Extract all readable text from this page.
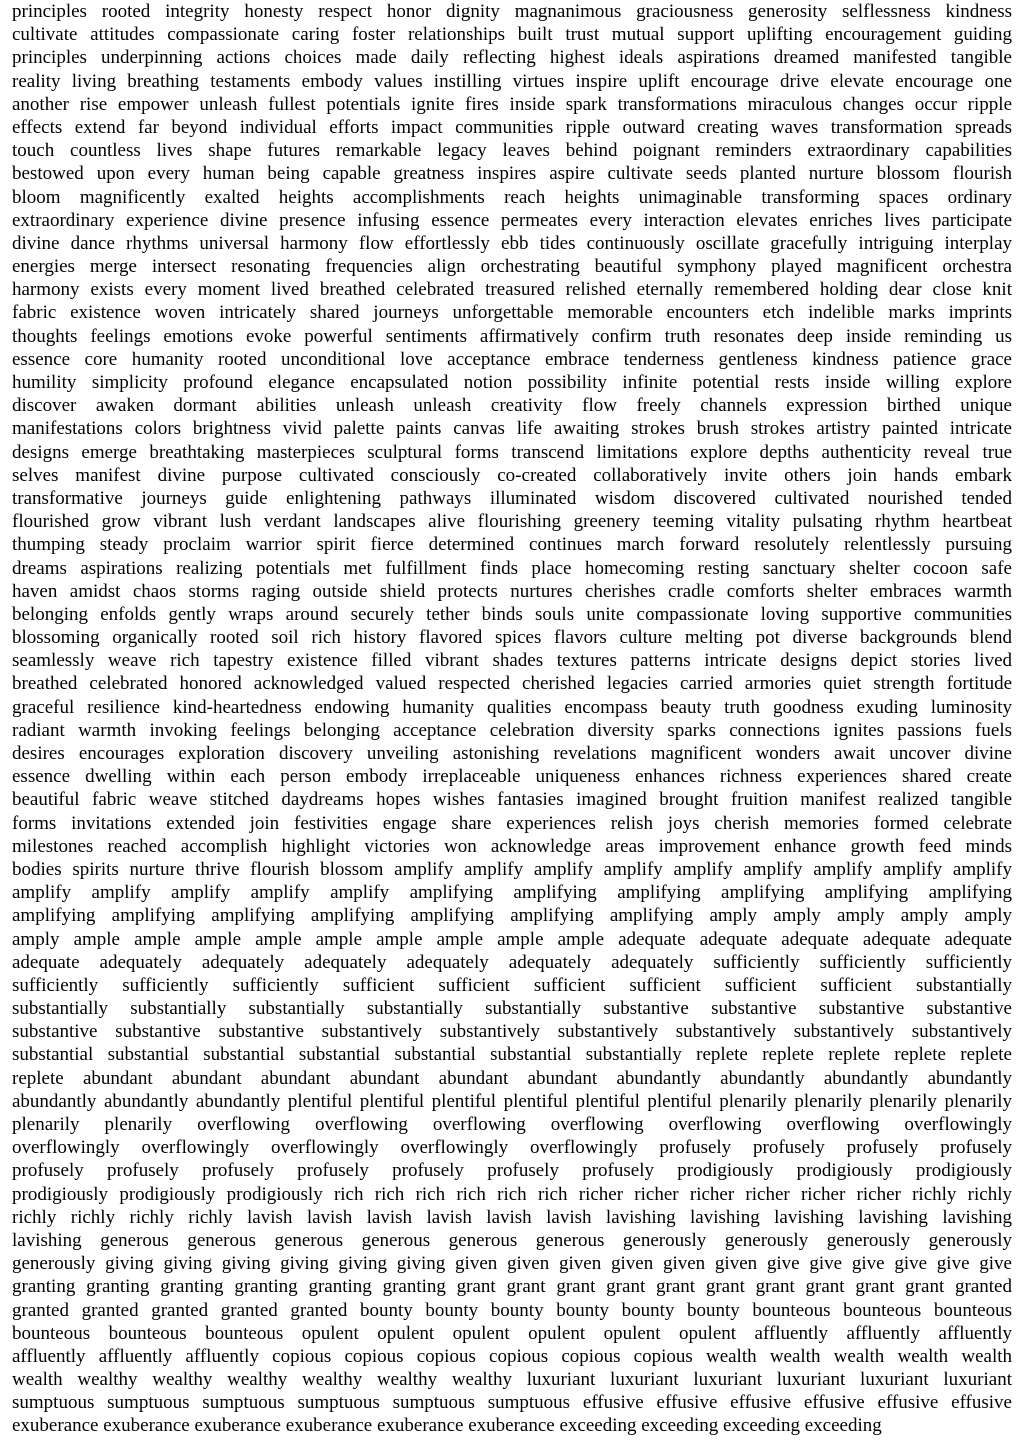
principles rooted integrity honesty respect honor dignity magnanimous graciousness generosity selflessness kindness
cultivate attitudes compassionate caring foster relationships built trust mutual support uplifting encouragement guiding
principles underpinning actions choices made daily reflecting highest ideals aspirations dreamed manifested tangible
reality living breathing testaments embody values instilling virtues inspire uplift encourage drive elevate encourage one
another rise empower unleash fullest potentials ignite fires inside spark transformations miraculous changes occur ripple
effects extend far beyond individual efforts impact communities ripple outward creating waves transformation spreads
touch countless lives shape futures remarkable legacy leaves behind poignant reminders extraordinary capabilities
bestowed upon every human being capable greatness inspires aspire cultivate seeds planted nurture blossom flourish
bloom magnificently exalted heights accomplishments reach heights unimaginable transforming spaces ordinary
extraordinary experience divine presence infusing essence permeates every interaction elevates enriches lives participate
divine dance rhythms universal harmony flow effortlessly ebb tides continuously oscillate gracefully intriguing interplay
energies merge intersect resonating frequencies align orchestrating beautiful symphony played magnificent orchestra
harmony exists every moment lived breathed celebrated treasured relished eternally remembered holding dear close knit
fabric existence woven intricately shared journeys unforgettable memorable encounters etch indelible marks imprints
thoughts feelings emotions evoke powerful sentiments affirmatively confirm truth resonates deep inside reminding us
essence core humanity rooted unconditional love acceptance embrace tenderness gentleness kindness patience grace
humility simplicity profound elegance encapsulated notion possibility infinite potential rests inside willing explore
discover awaken dormant abilities unleash unleash creativity flow freely channels expression birthed unique
manifestations colors brightness vivid palette paints canvas life awaiting strokes brush strokes artistry painted intricate
designs emerge breathtaking masterpieces sculptural forms transcend limitations explore depths authenticity reveal true
selves manifest divine purpose cultivated consciously co-created collaboratively invite others join hands embark
transformative journeys guide enlightening pathways illuminated wisdom discovered cultivated nourished tended
flourished grow vibrant lush verdant landscapes alive flourishing greenery teeming vitality pulsating rhythm heartbeat
thumping steady proclaim warrior spirit fierce determined continues march forward resolutely relentlessly pursuing
dreams aspirations realizing potentials met fulfillment finds place homecoming resting sanctuary shelter cocoon safe
haven amidst chaos storms raging outside shield protects nurtures cherishes cradle comforts shelter embraces warmth
belonging enfolds gently wraps around securely tether binds souls unite compassionate loving supportive communities
blossoming organically rooted soil rich history flavored spices flavors culture melting pot diverse backgrounds blend
seamlessly weave rich tapestry existence filled vibrant shades textures patterns intricate designs depict stories lived
breathed celebrated honored acknowledged valued respected cherished legacies carried armories quiet strength fortitude
graceful resilience kind-heartedness endowing humanity qualities encompass beauty truth goodness exuding luminosity
radiant warmth invoking feelings belonging acceptance celebration diversity sparks connections ignites passions fuels
desires encourages exploration discovery unveiling astonishing revelations magnificent wonders await uncover divine
essence dwelling within each person embody irreplaceable uniqueness enhances richness experiences shared create
beautiful fabric weave stitched daydreams hopes wishes fantasies imagined brought fruition manifest realized tangible
forms invitations extended join festivities engage share experiences relish joys cherish memories formed celebrate
milestones reached accomplish highlight victories won acknowledge areas improvement enhance growth feed minds
bodies spirits nurture thrive flourish blossom amplify amplify amplify amplify amplify amplify amplify amplify amplify
amplify amplify amplify amplify amplify amplifying amplifying amplifying amplifying amplifying amplifying
amplifying amplifying amplifying amplifying amplifying amplifying amplifying amply amply amply amply amply
amply ample ample ample ample ample ample ample ample ample adequate adequate adequate adequate adequate
adequate adequately adequately adequately adequately adequately adequately sufficiently sufficiently sufficiently
sufficiently sufficiently sufficiently sufficient sufficient sufficient sufficient sufficient sufficient substantially
substantially substantially substantially substantially substantially substantive substantive substantive substantive
substantive substantive substantive substantively substantively substantively substantively substantively substantively
substantial substantial substantial substantial substantial substantial substantially replete replete replete replete replete
replete abundant abundant abundant abundant abundant abundant abundantly abundantly abundantly abundantly
abundantly abundantly abundantly plentiful plentiful plentiful plentiful plentiful plentiful plenarily plenarily plenarily plenarily
plenarily plenarily overflowing overflowing overflowing overflowing overflowing overflowing overflowingly
overflowingly overflowingly overflowingly overflowingly overflowingly profusely profusely profusely profusely
profusely profusely profusely profusely profusely profusely profusely prodigiously prodigiously prodigiously
prodigiously prodigiously prodigiously rich rich rich rich rich rich richer richer richer richer richer richer richly richly
richly richly richly richly lavish lavish lavish lavish lavish lavish lavishing lavishing lavishing lavishing lavishing
lavishing generous generous generous generous generous generous generously generously generously generously
generously giving giving giving giving giving giving given given given given given given give give give give give give
granting granting granting granting granting granting grant grant grant grant grant grant grant grant grant grant granted
granted granted granted granted granted bounty bounty bounty bounty bounty bounty bounteous bounteous bounteous
bounteous bounteous bounteous opulent opulent opulent opulent opulent opulent affluently affluently affluently
affluently affluently affluently copious copious copious copious copious copious wealth wealth wealth wealth wealth
wealth wealthy wealthy wealthy wealthy wealthy wealthy luxuriant luxuriant luxuriant luxuriant luxuriant luxuriant
sumptuous sumptuous sumptuous sumptuous sumptuous sumptuous effusive effusive effusive effusive effusive effusive
exuberance exuberance exuberance exuberance exuberance exuberance exceeding exceeding exceeding exceeding
